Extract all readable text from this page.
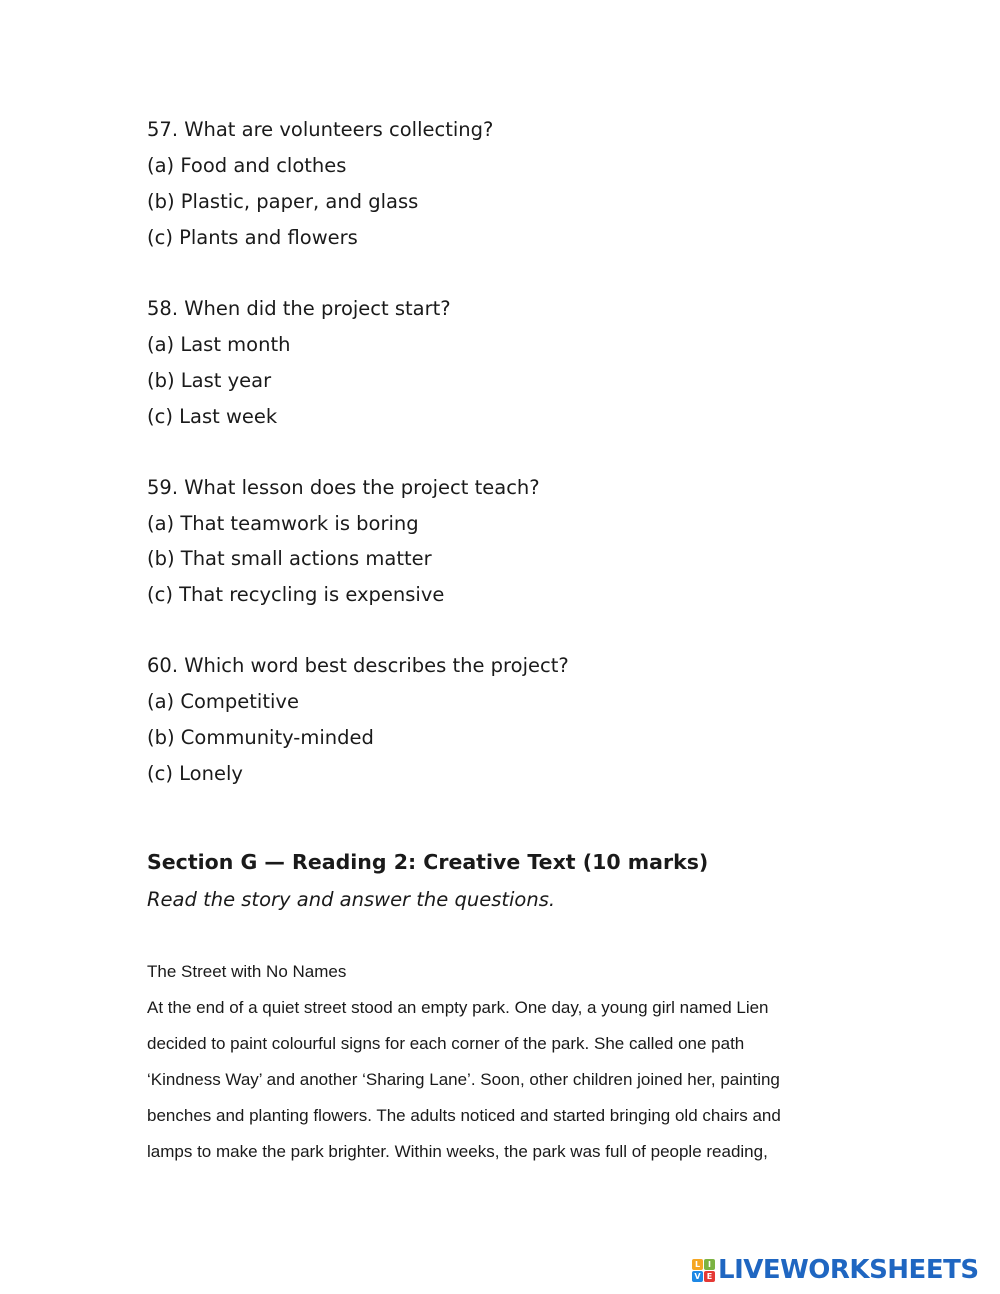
57. What are volunteers collecting?
(a) Food and clothes
(b) Plastic, paper, and glass
(c) Plants and flowers
58. When did the project start?
(a) Last month
(b) Last year
(c) Last week
59. What lesson does the project teach?
(a) That teamwork is boring
(b) That small actions matter
(c) That recycling is expensive
60. Which word best describes the project?
(a) Competitive
(b) Community-minded
(c) Lonely
Section G — Reading 2: Creative Text (10 marks)
Read the story and answer the questions.
The Street with No Names
At the end of a quiet street stood an empty park. One day, a young girl named Lien
decided to paint colourful signs for each corner of the park. She called one path
‘Kindness Way’ and another ‘Sharing Lane’. Soon, other children joined her, painting
benches and planting flowers. The adults noticed and started bringing old chairs and
lamps to make the park brighter. Within weeks, the park was full of people reading,
L I
V E LIVEWORKSHEETS
